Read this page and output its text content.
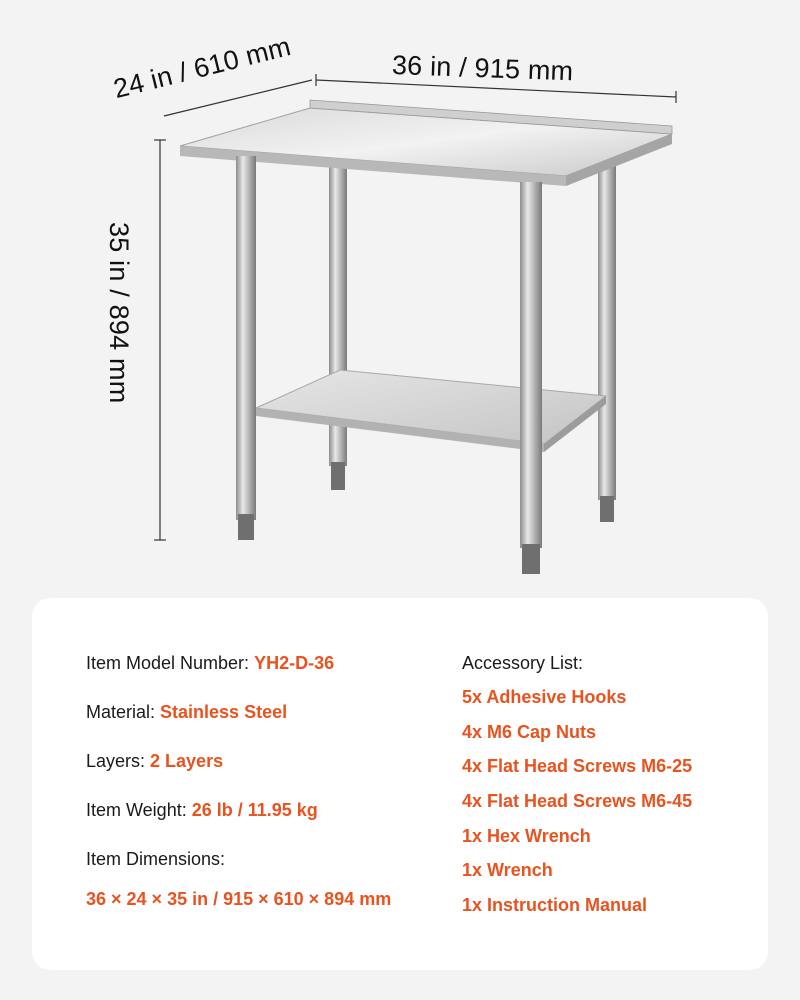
36 in / 915 mm
24 in / 610 mm
35 in / 894 mm
Item Model Number: YH2-D-36
Material: Stainless Steel
Layers: 2 Layers
Item Weight: 26 lb / 11.95 kg
Item Dimensions:
36 × 24 × 35 in / 915 × 610 × 894 mm
Accessory List:
5x Adhesive Hooks
4x M6 Cap Nuts
4x Flat Head Screws M6-25
4x Flat Head Screws M6-45
1x Hex Wrench
1x Wrench
1x Instruction Manual
